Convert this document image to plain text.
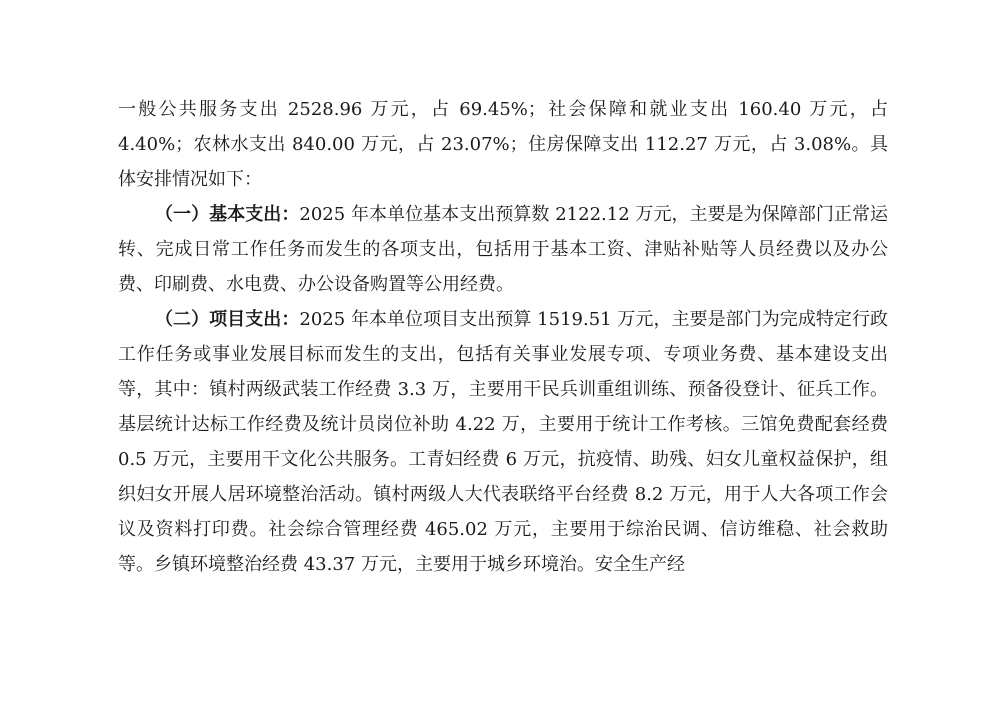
一般公共服务支出 2528.96 万元，占 69.45%；社会保障和就业支出 160.40 万元，占 4.40%；农林水支出 840.00 万元，占 23.07%；住房保障支出 112.27 万元，占 3.08%。具体安排情况如下：

（一）基本支出：2025 年本单位基本支出预算数 2122.12 万元，主要是为保障部门正常运转、完成日常工作任务而发生的各项支出，包括用于基本工资、津贴补贴等人员经费以及办公费、印刷费、水电费、办公设备购置等公用经费。

（二）项目支出：2025 年本单位项目支出预算 1519.51 万元，主要是部门为完成特定行政工作任务或事业发展目标而发生的支出，包括有关事业发展专项、专项业务费、基本建设支出等，其中：镇村两级武装工作经费 3.3 万，主要用干民兵训重组训练、预备役登计、征兵工作。基层统计达标工作经费及统计员岗位补助 4.22 万，主要用于统计工作考核。三馆免费配套经费 0.5 万元，主要用干文化公共服务。工青妇经费 6 万元，抗疫情、助残、妇女儿童权益保护，组织妇女开展人居环境整治活动。镇村两级人大代表联络平台经费 8.2 万元，用于人大各项工作会议及资料打印费。社会综合管理经费 465.02 万元，主要用于综治民调、信访维稳、社会救助等。乡镇环境整治经费 43.37 万元，主要用于城乡环境治。安全生产经
